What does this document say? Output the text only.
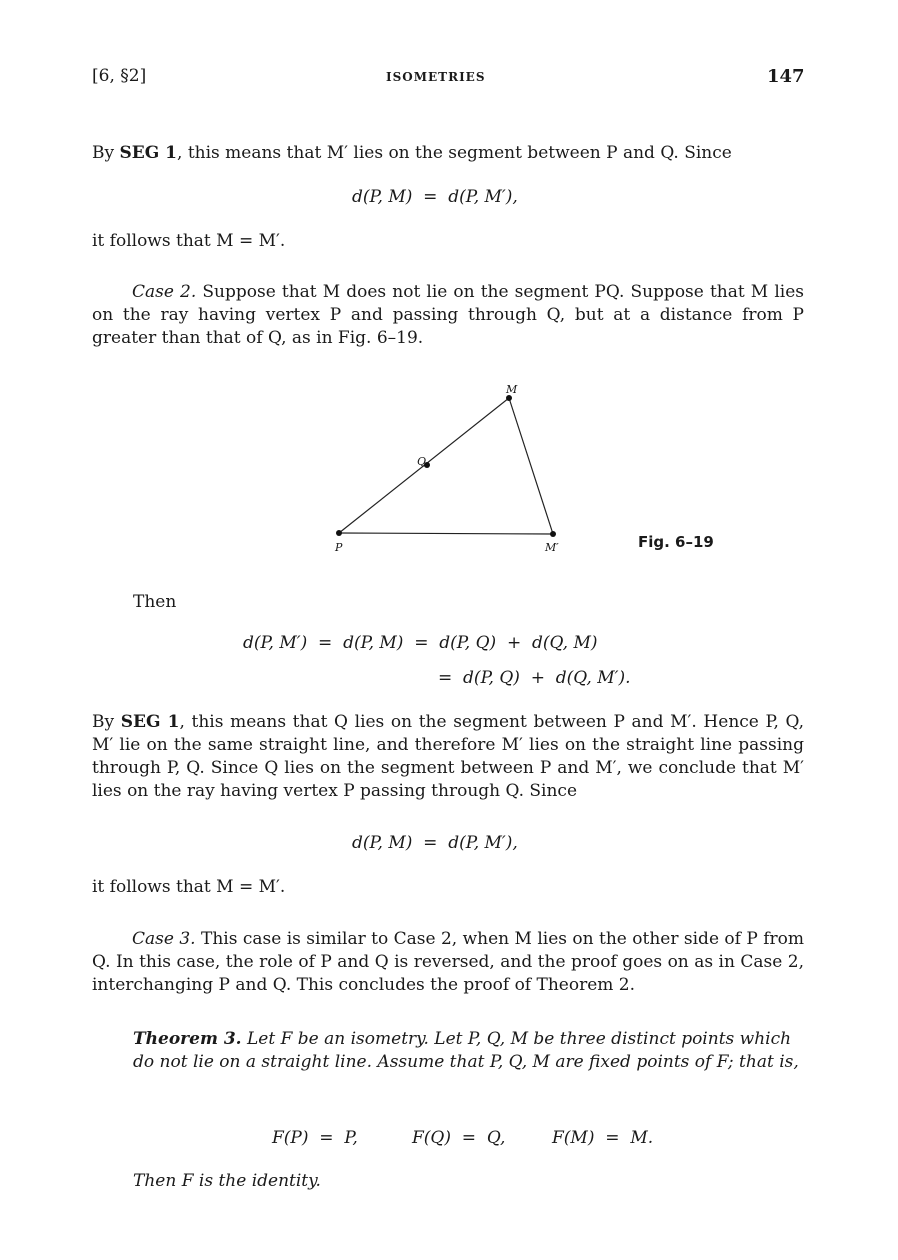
[6, §2]	ISOMETRIES	147
By SEG 1, this means that M′ lies on the segment between P and Q. Since
d(P, M)  =  d(P, M′),
it follows that M = M′.
Case 2. Suppose that M does not lie on the segment PQ. Suppose that M lies on the ray having vertex P and passing through Q, but at a distance from P greater than that of Q, as in Fig. 6–19.
M
Q
P	M′	Fig. 6–19
Then
d(P, M′)  =  d(P, M)  =  d(P, Q)  +  d(Q, M)
=  d(P, Q)  +  d(Q, M′).
By SEG 1, this means that Q lies on the segment between P and M′. Hence P, Q, M′ lie on the same straight line, and therefore M′ lies on the straight line passing through P, Q. Since Q lies on the segment between P and M′, we conclude that M′ lies on the ray having vertex P passing through Q. Since
d(P, M)  =  d(P, M′),
it follows that M = M′.
Case 3. This case is similar to Case 2, when M lies on the other side of P from Q. In this case, the role of P and Q is reversed, and the proof goes on as in Case 2, interchanging P and Q. This concludes the proof of Theorem 2.
Theorem 3. Let F be an isometry. Let P, Q, M be three distinct points which do not lie on a straight line. Assume that P, Q, M are fixed points of F; that is,
F(P)  =  P,	F(Q)  =  Q,	F(M)  =  M.
Then F is the identity.
